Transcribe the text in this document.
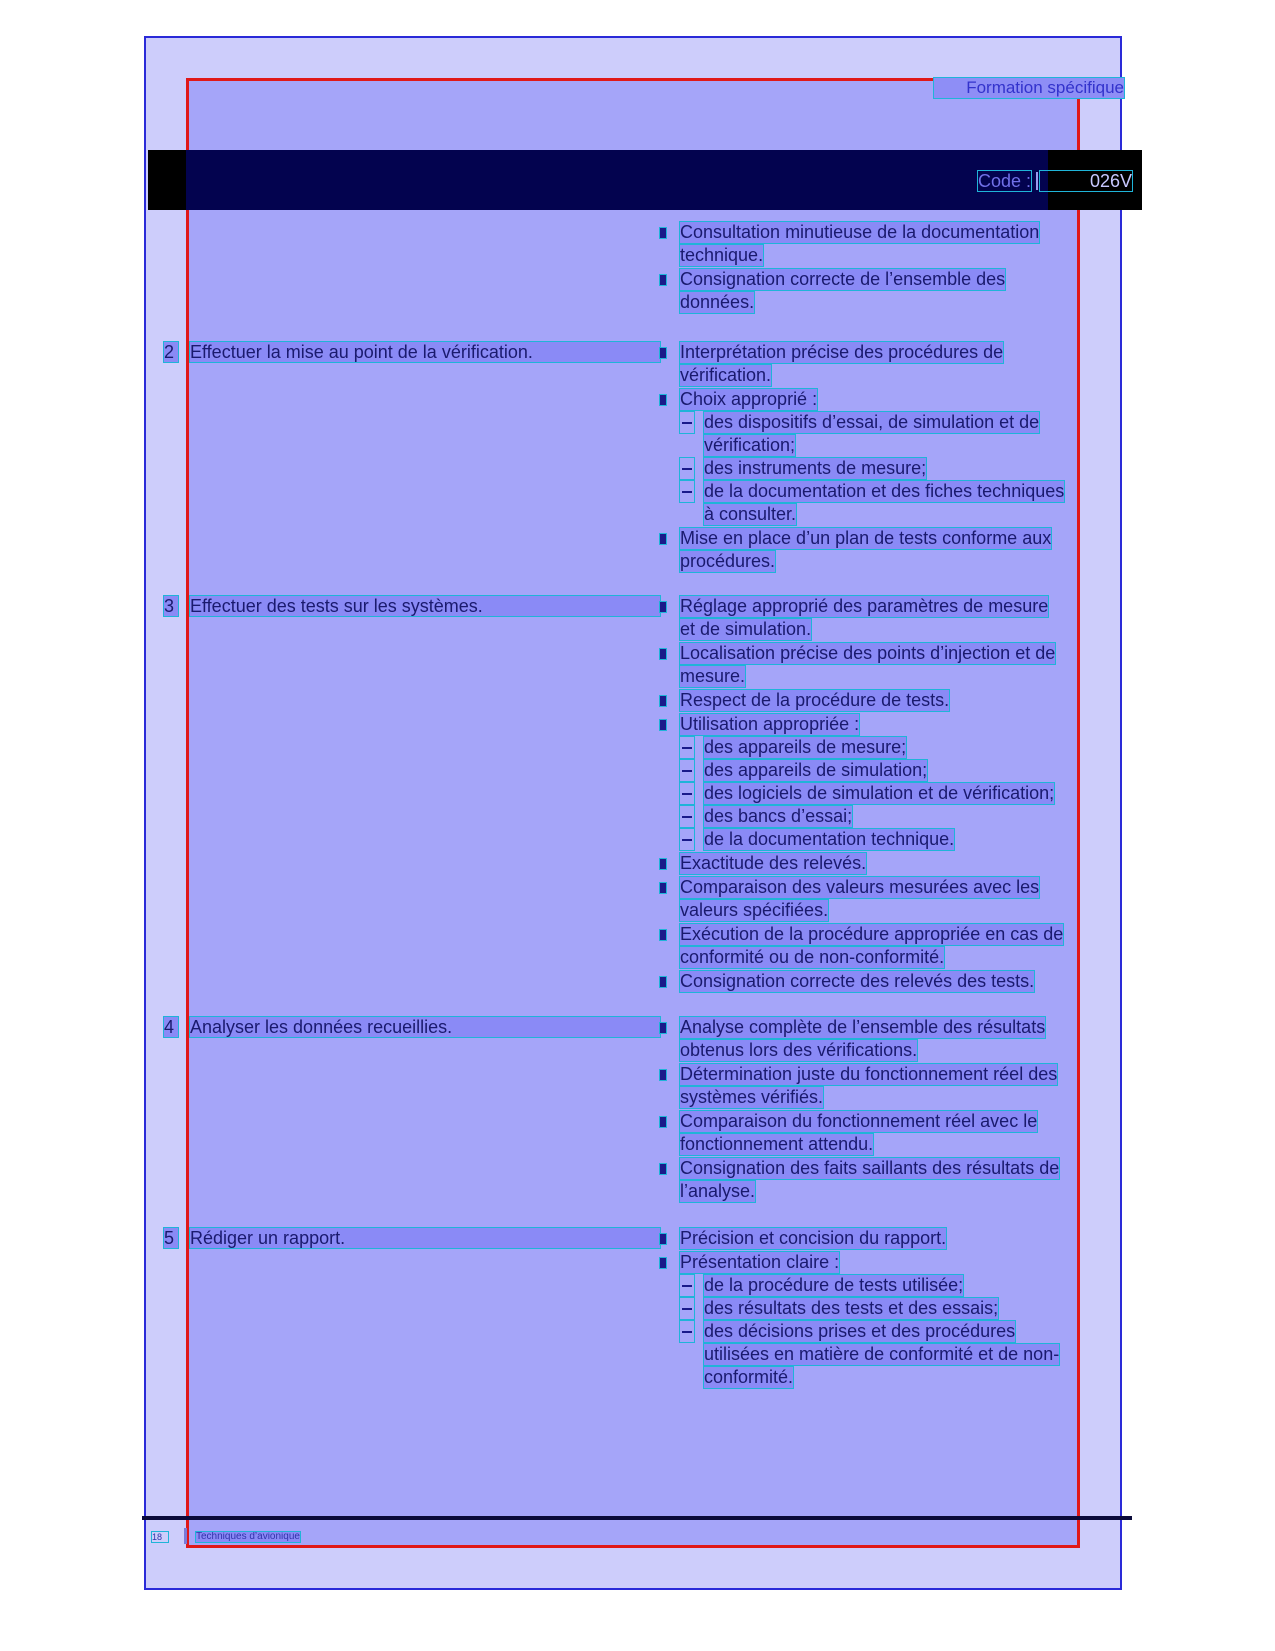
Formation spécifique
Code :	026V
Consultation minutieuse de la documentation
technique.
Consignation correcte de l’ensemble des
données.
2 Effectuer la mise au point de la vérification.	Interprétation précise des procédures de
vérification.
Choix approprié :
des dispositifs d’essai, de simulation et de
vérification;
des instruments de mesure;
de la documentation et des fiches techniques
à consulter.
Mise en place d’un plan de tests conforme aux
procédures.
3 Effectuer des tests sur les systèmes.	Réglage approprié des paramètres de mesure
et de simulation.
Localisation précise des points d’injection et de
mesure.
Respect de la procédure de tests.
Utilisation appropriée :
des appareils de mesure;
des appareils de simulation;
des logiciels de simulation et de vérification;
des bancs d’essai;
de la documentation technique.
Exactitude des relevés.
Comparaison des valeurs mesurées avec les
valeurs spécifiées.
Exécution de la procédure appropriée en cas de
conformité ou de non-conformité.
Consignation correcte des relevés des tests.
4 Analyser les données recueillies.	Analyse complète de l’ensemble des résultats
obtenus lors des vérifications.
Détermination juste du fonctionnement réel des
systèmes vérifiés.
Comparaison du fonctionnement réel avec le
fonctionnement attendu.
Consignation des faits saillants des résultats de
l’analyse.
5 Rédiger un rapport.	Précision et concision du rapport.
Présentation claire :
de la procédure de tests utilisée;
des résultats des tests et des essais;
des décisions prises et des procédures
utilisées en matière de conformité et de non-
conformité.
18	Techniques d’avionique
